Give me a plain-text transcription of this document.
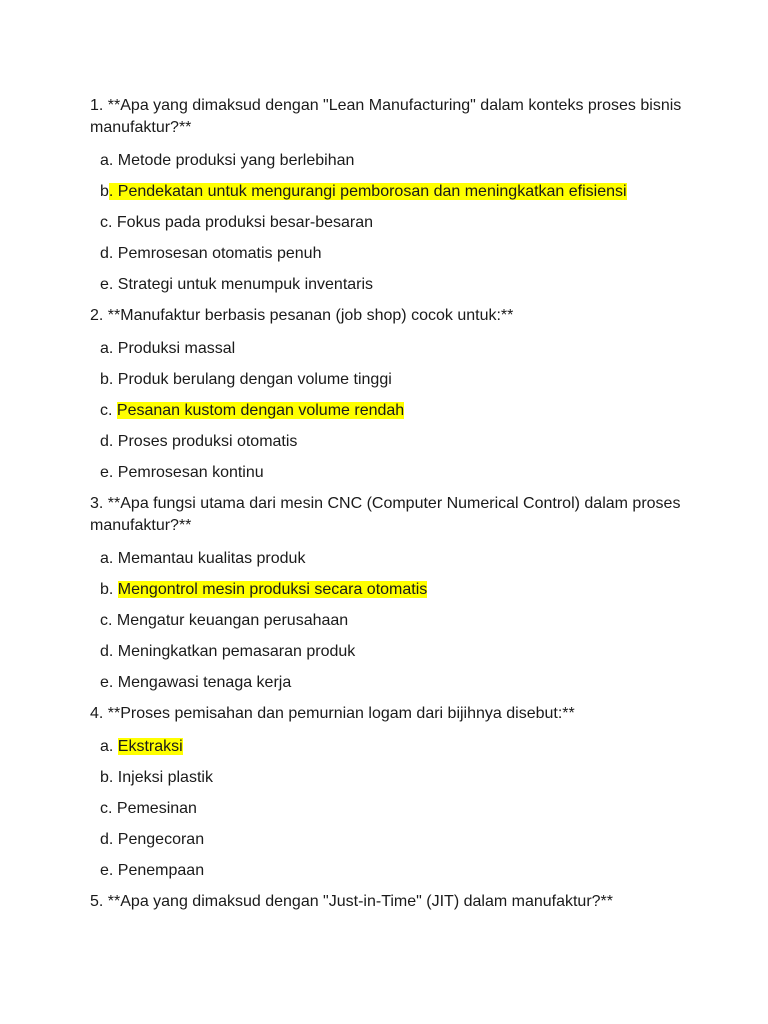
1. **Apa yang dimaksud dengan "Lean Manufacturing" dalam konteks proses bisnis manufaktur?**

a. Metode produksi yang berlebihan
b. Pendekatan untuk mengurangi pemborosan dan meningkatkan efisiensi
c. Fokus pada produksi besar-besaran
d. Pemrosesan otomatis penuh
e. Strategi untuk menumpuk inventaris

2. **Manufaktur berbasis pesanan (job shop) cocok untuk:**

a. Produksi massal
b. Produk berulang dengan volume tinggi
c. Pesanan kustom dengan volume rendah
d. Proses produksi otomatis
e. Pemrosesan kontinu

3. **Apa fungsi utama dari mesin CNC (Computer Numerical Control) dalam proses manufaktur?**

a. Memantau kualitas produk
b. Mengontrol mesin produksi secara otomatis
c. Mengatur keuangan perusahaan
d. Meningkatkan pemasaran produk
e. Mengawasi tenaga kerja

4. **Proses pemisahan dan pemurnian logam dari bijihnya disebut:**

a. Ekstraksi
b. Injeksi plastik
c. Pemesinan
d. Pengecoran
e. Penempaan

5. **Apa yang dimaksud dengan "Just-in-Time" (JIT) dalam manufaktur?**
